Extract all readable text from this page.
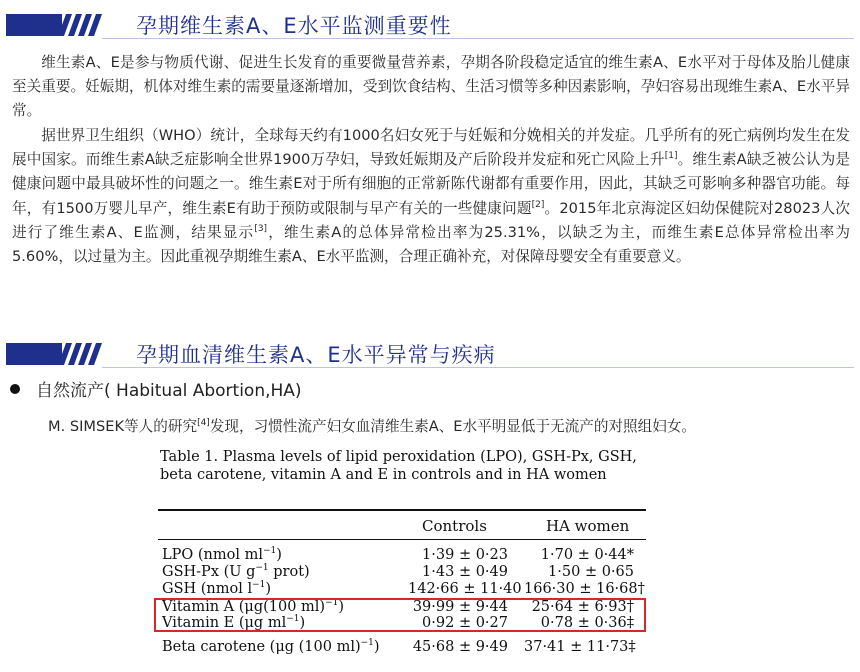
孕期维生素A、E水平监测重要性

维生素A、E是参与物质代谢、促进生长发育的重要微量营养素，孕期各阶段稳定适宜的维生素A、E水平对于母体及胎儿健康至关重要。妊娠期，机体对维生素的需要量逐渐增加，受到饮食结构、生活习惯等多种因素影响，孕妇容易出现维生素A、E水平异常。

据世界卫生组织（WHO）统计，全球每天约有1000名妇女死于与妊娠和分娩相关的并发症。几乎所有的死亡病例均发生在发展中国家。而维生素A缺乏症影响全世界1900万孕妇，导致妊娠期及产后阶段并发症和死亡风险上升[1]。维生素A缺乏被公认为是健康问题中最具破坏性的问题之一。维生素E对于所有细胞的正常新陈代谢都有重要作用，因此，其缺乏可影响多种器官功能。每年，有1500万婴儿早产，维生素E有助于预防或限制与早产有关的一些健康问题[2]。2015年北京海淀区妇幼保健院对28023人次进行了维生素A、E监测，结果显示[3]，维生素A的总体异常检出率为25.31%，以缺乏为主，而维生素E总体异常检出率为5.60%，以过量为主。因此重视孕期维生素A、E水平监测，合理正确补充，对保障母婴安全有重要意义。

孕期血清维生素A、E水平异常与疾病
自然流产( Habitual Abortion,HA)
M. SIMSEK等人的研究[4]发现，习惯性流产妇女血清维生素A、E水平明显低于无流产的对照组妇女。
Table 1. Plasma levels of lipid peroxidation (LPO), GSH-Px, GSH, beta carotene, vitamin A and E in controls and in HA women
Controls	HA women
LPO (nmol $ml^{-1}$)	1·39 ± 0·23	1·70 ± 0·44*
GSH-Px (U $g^{-1}$ prot)	1·43 ± 0·49	1·50 ± 0·65
GSH (nmol $l^{-1}$)	142·66 ± 11·40 166·30 ± 16·68†
Vitamin A (μg(100 ml)$^{-1}$)	39·99 ± 9·44	25·64 ± 6·93†
Vitamin E (μg $ml^{-1}$)	0·92 ± 0·27	0·78 ± 0·36‡
Beta carotene (μg (100 ml)$^{-1}$)	45·68 ± 9·49 37·41 ± 11·73‡
